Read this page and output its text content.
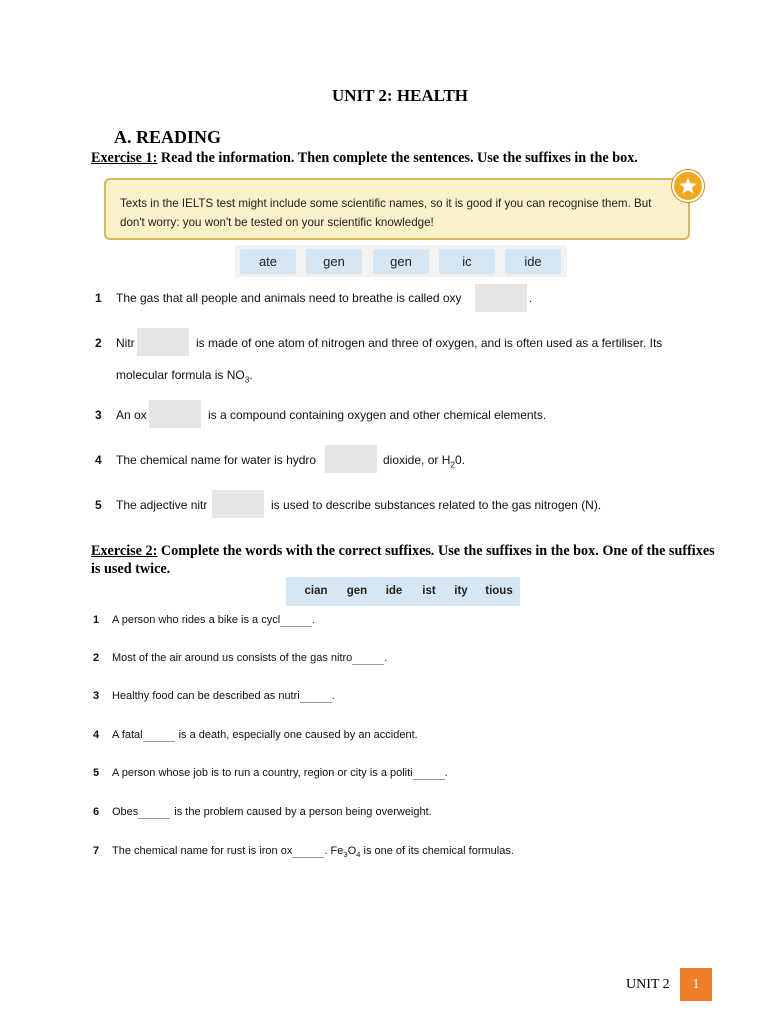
UNIT 2: HEALTH
A. READING
Exercise 1: Read the information. Then complete the sentences. Use the suffixes in the box.
Texts in the IELTS test might include some scientific names, so it is good if you can recognise them. But don't worry: you won't be tested on your scientific knowledge!
ate	gen	gen	ic	ide
1 The gas that all people and animals need to breathe is called oxy	.
2 Nitr	is made of one atom of nitrogen and three of oxygen, and is often used as a fertiliser. Its
molecular formula is $NO_3$.
3 An ox	is a compound containing oxygen and other chemical elements.
4 The chemical name for water is hydro	dioxide, or $H_20$.
5 The adjective nitr	is used to describe substances related to the gas nitrogen (N).
Exercise 2: Complete the words with the correct suffixes. Use the suffixes in the box. One of the suffixes is used twice.
cian	gen	ide	ist	ity	tious
1 A person who rides a bike is a cycl	.
2 Most of the air around us consists of the gas nitro	.
3 Healthy food can be described as nutri	.
4 A fatal	is a death, especially one caused by an accident.
5 A person whose job is to run a country, region or city is a politi	.
6 Obes	is the problem caused by a person being overweight.
7 The chemical name for rust is iron ox	. $Fe_3O_4$ is one of its chemical formulas.
UNIT 2	1
